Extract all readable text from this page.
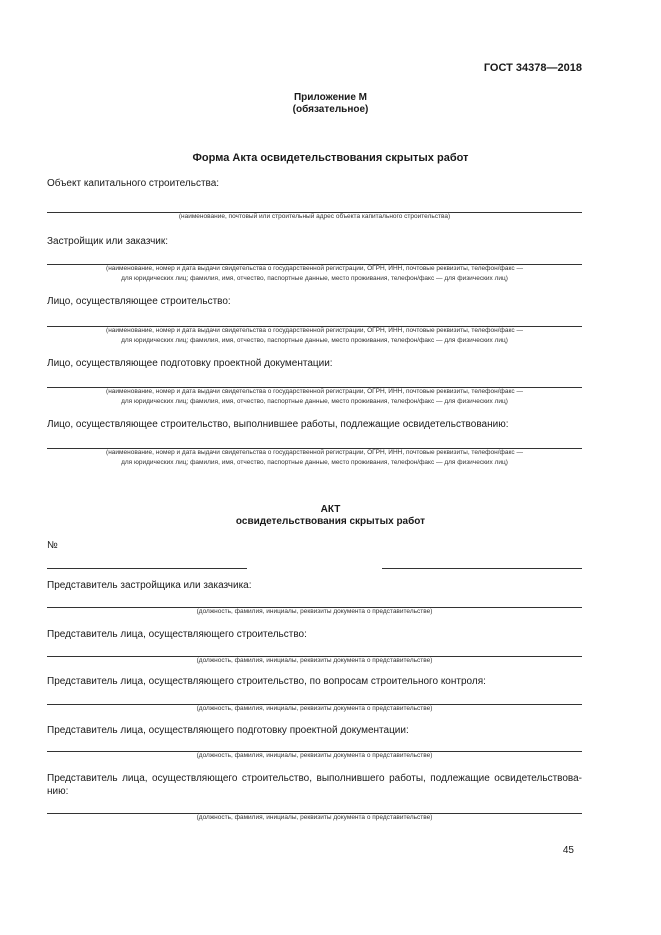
ГОСТ 34378—2018
Приложение М
(обязательное)
Форма Акта освидетельствования скрытых работ
Объект капитального строительства:
(наименование, почтовый или строительный адрес объекта капитального строительства)
Застройщик или заказчик:
(наименование, номер и дата выдачи свидетельства о государственной регистрации, ОГРН, ИНН, почтовые реквизиты, телефон/факс —
для юридических лиц; фамилия, имя, отчество, паспортные данные, место проживания, телефон/факс — для физических лиц)
Лицо, осуществляющее строительство:
(наименование, номер и дата выдачи свидетельства о государственной регистрации, ОГРН, ИНН, почтовые реквизиты, телефон/факс —
для юридических лиц; фамилия, имя, отчество, паспортные данные, место проживания, телефон/факс — для физических лиц)
Лицо, осуществляющее подготовку проектной документации:
(наименование, номер и дата выдачи свидетельства о государственной регистрации, ОГРН, ИНН, почтовые реквизиты, телефон/факс —
для юридических лиц; фамилия, имя, отчество, паспортные данные, место проживания, телефон/факс — для физических лиц)
Лицо, осуществляющее строительство, выполнившее работы, подлежащие освидетельствованию:
(наименование, номер и дата выдачи свидетельства о государственной регистрации, ОГРН, ИНН, почтовые реквизиты, телефон/факс —
для юридических лиц; фамилия, имя, отчество, паспортные данные, место проживания, телефон/факс — для физических лиц)
АКТ
освидетельствования скрытых работ
№
Представитель застройщика или заказчика:
(должность, фамилия, инициалы, реквизиты документа о представительстве)
Представитель лица, осуществляющего строительство:
(должность, фамилия, инициалы, реквизиты документа о представительстве)
Представитель лица, осуществляющего строительство, по вопросам строительного контроля:
(должность, фамилия, инициалы, реквизиты документа о представительстве)
Представитель лица, осуществляющего подготовку проектной документации:
(должность, фамилия, инициалы, реквизиты документа о представительстве)
Представитель лица, осуществляющего строительство, выполнившего работы, подлежащие освидетельствова-нию:
(должность, фамилия, инициалы, реквизиты документа о представительстве)
45
